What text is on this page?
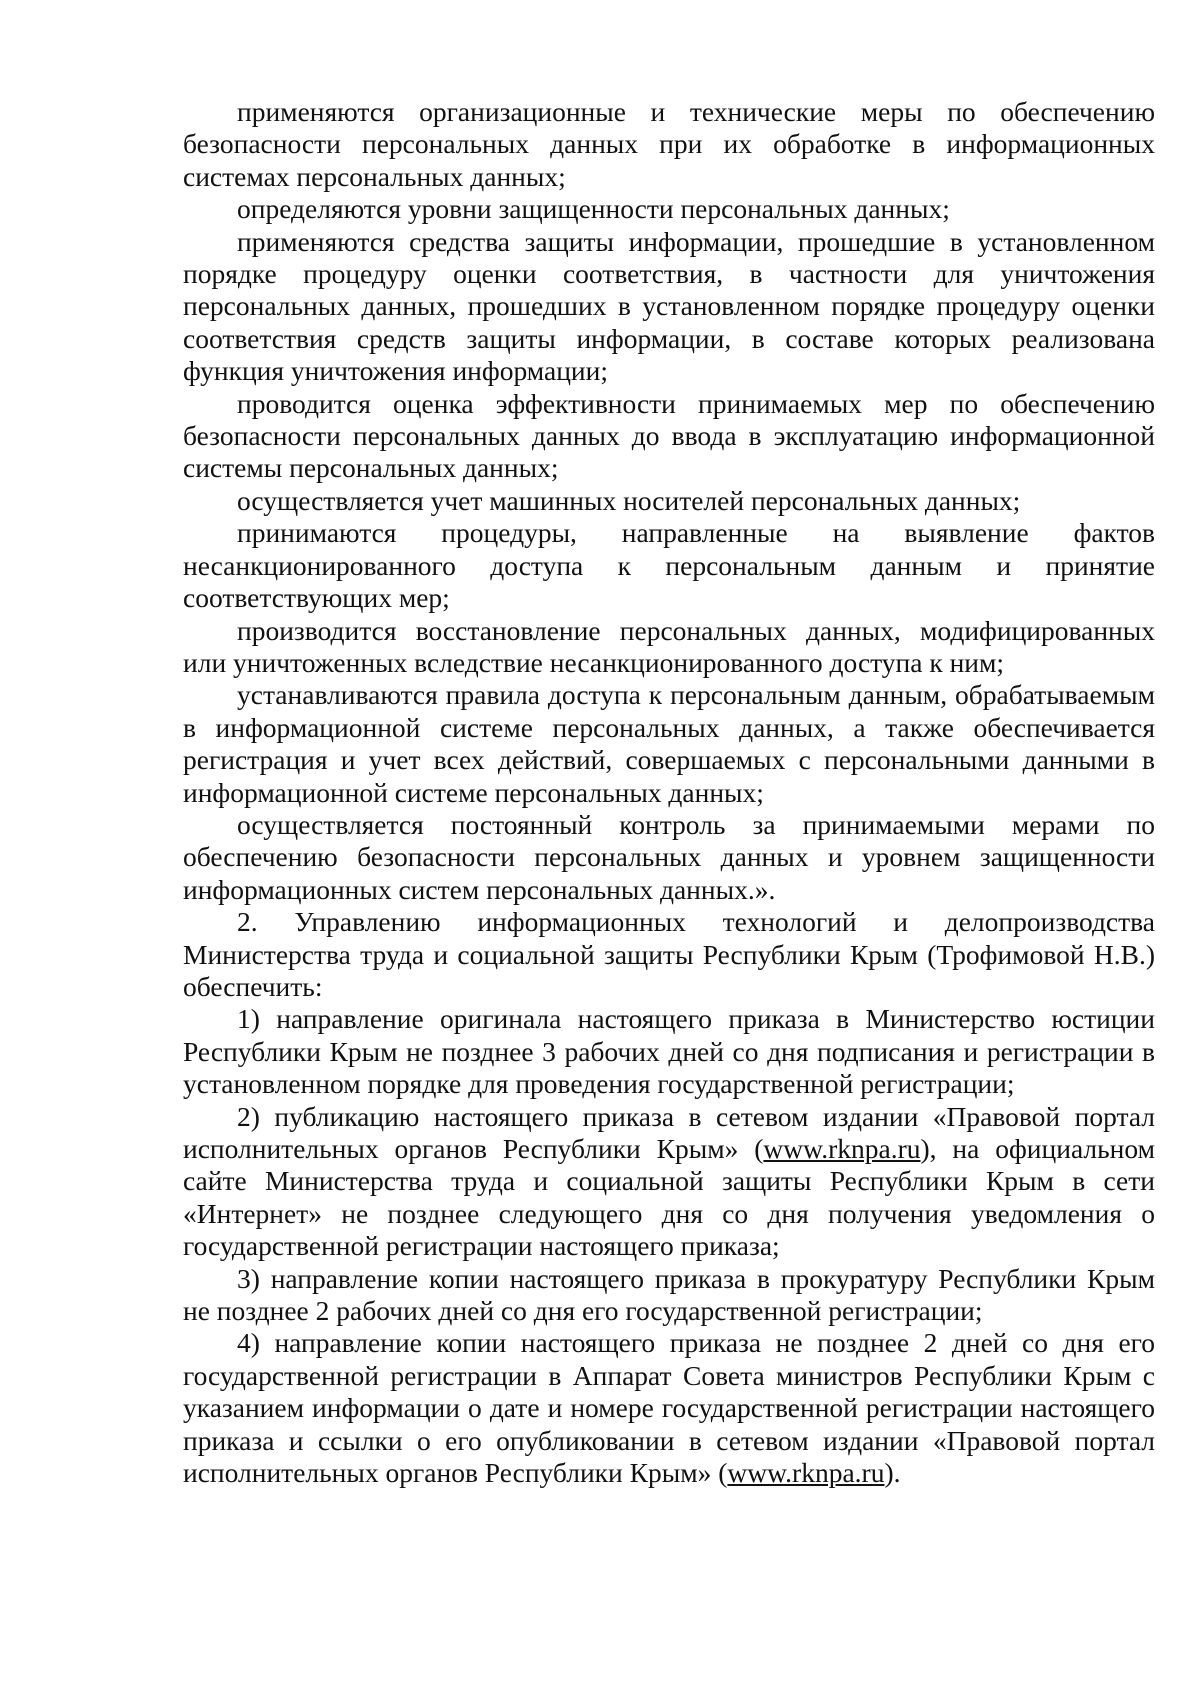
применяются организационные и технические меры по обеспечению безопасности персональных данных при их обработке в информационных системах персональных данных;

определяются уровни защищенности персональных данных;

применяются средства защиты информации, прошедшие в установленном порядке процедуру оценки соответствия, в частности для уничтожения персональных данных, прошедших в установленном порядке процедуру оценки соответствия средств защиты информации, в составе которых реализована функция уничтожения информации;

проводится оценка эффективности принимаемых мер по обеспечению безопасности персональных данных до ввода в эксплуатацию информационной системы персональных данных;

осуществляется учет машинных носителей персональных данных;

принимаются процедуры, направленные на выявление фактов несанкционированного доступа к персональным данным и принятие соответствующих мер;

производится восстановление персональных данных, модифицированных или уничтоженных вследствие несанкционированного доступа к ним;

устанавливаются правила доступа к персональным данным, обрабатываемым в информационной системе персональных данных, а также обеспечивается регистрация и учет всех действий, совершаемых с персональными данными в информационной системе персональных данных;

осуществляется постоянный контроль за принимаемыми мерами по обеспечению безопасности персональных данных и уровнем защищенности информационных систем персональных данных.».

2. Управлению информационных технологий и делопроизводства Министерства труда и социальной защиты Республики Крым (Трофимовой Н.В.) обеспечить:

1) направление оригинала настоящего приказа в Министерство юстиции Республики Крым не позднее 3 рабочих дней со дня подписания и регистрации в установленном порядке для проведения государственной регистрации;

2) публикацию настоящего приказа в сетевом издании «Правовой портал исполнительных органов Республики Крым» (www.rknpa.ru), на официальном сайте Министерства труда и социальной защиты Республики Крым в сети «Интернет» не позднее следующего дня со дня получения уведомления о государственной регистрации настоящего приказа;

3) направление копии настоящего приказа в прокуратуру Республики Крым не позднее 2 рабочих дней со дня его государственной регистрации;

4) направление копии настоящего приказа не позднее 2 дней со дня его государственной регистрации в Аппарат Совета министров Республики Крым с указанием информации о дате и номере государственной регистрации настоящего приказа и ссылки о его опубликовании в сетевом издании «Правовой портал исполнительных органов Республики Крым» (www.rknpa.ru).
